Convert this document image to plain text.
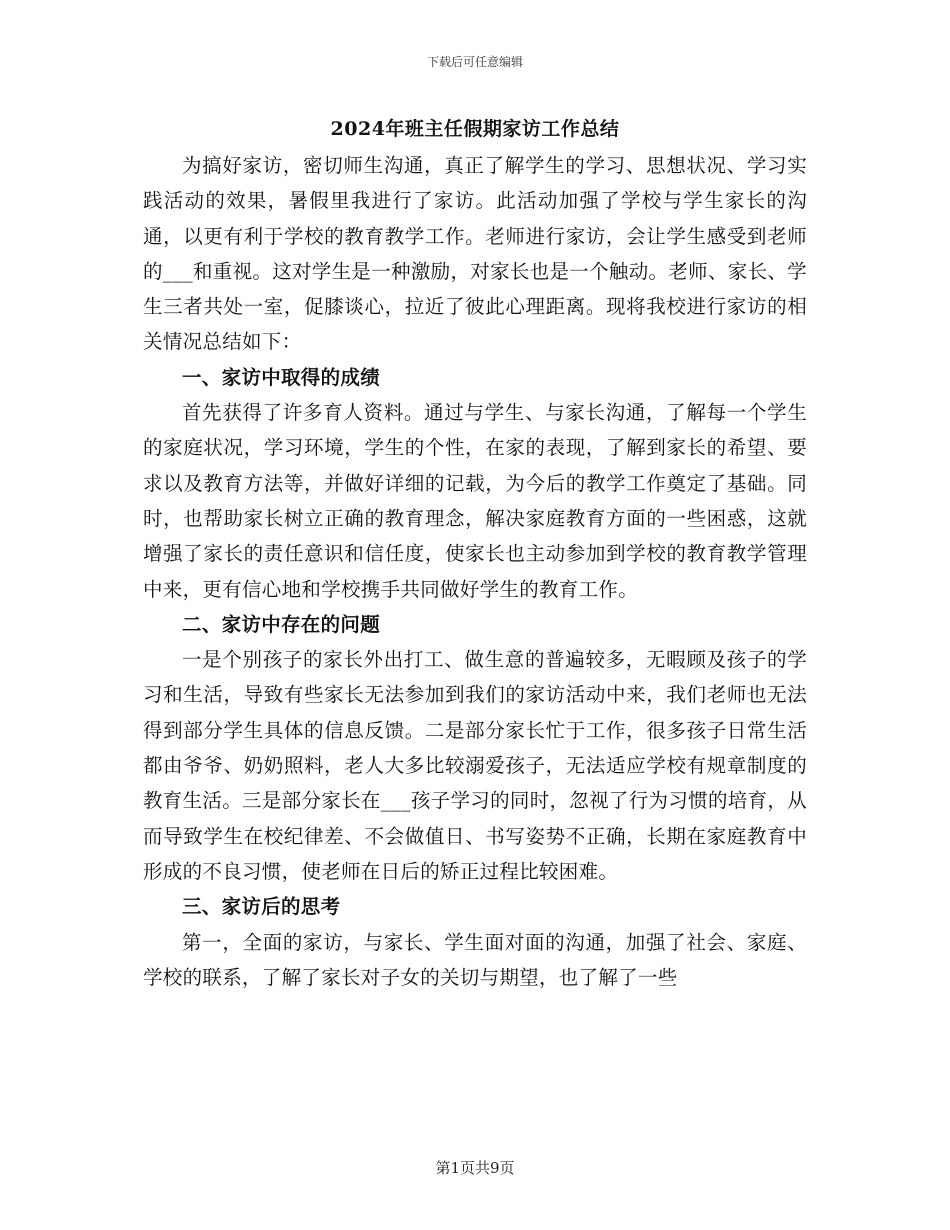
下载后可任意编辑
2024年班主任假期家访工作总结

为搞好家访，密切师生沟通，真正了解学生的学习、思想状况、学习实践活动的效果，暑假里我进行了家访。此活动加强了学校与学生家长的沟通，以更有利于学校的教育教学工作。老师进行家访，会让学生感受到老师的___和重视。这对学生是一种激励，对家长也是一个触动。老师、家长、学生三者共处一室，促膝谈心，拉近了彼此心理距离。现将我校进行家访的相关情况总结如下：

一、家访中取得的成绩

首先获得了许多育人资料。通过与学生、与家长沟通，了解每一个学生的家庭状况，学习环境，学生的个性，在家的表现，了解到家长的希望、要求以及教育方法等，并做好详细的记载，为今后的教学工作奠定了基础。同时，也帮助家长树立正确的教育理念，解决家庭教育方面的一些困惑，这就增强了家长的责任意识和信任度，使家长也主动参加到学校的教育教学管理中来，更有信心地和学校携手共同做好学生的教育工作。

二、家访中存在的问题

一是个别孩子的家长外出打工、做生意的普遍较多，无暇顾及孩子的学习和生活，导致有些家长无法参加到我们的家访活动中来，我们老师也无法得到部分学生具体的信息反馈。二是部分家长忙于工作，很多孩子日常生活都由爷爷、奶奶照料，老人大多比较溺爱孩子，无法适应学校有规章制度的教育生活。三是部分家长在___孩子学习的同时，忽视了行为习惯的培育，从而导致学生在校纪律差、不会做值日、书写姿势不正确，长期在家庭教育中形成的不良习惯，使老师在日后的矫正过程比较困难。

三、家访后的思考

第一，全面的家访，与家长、学生面对面的沟通，加强了社会、家庭、学校的联系，了解了家长对子女的关切与期望，也了解了一些

第1页共9页
